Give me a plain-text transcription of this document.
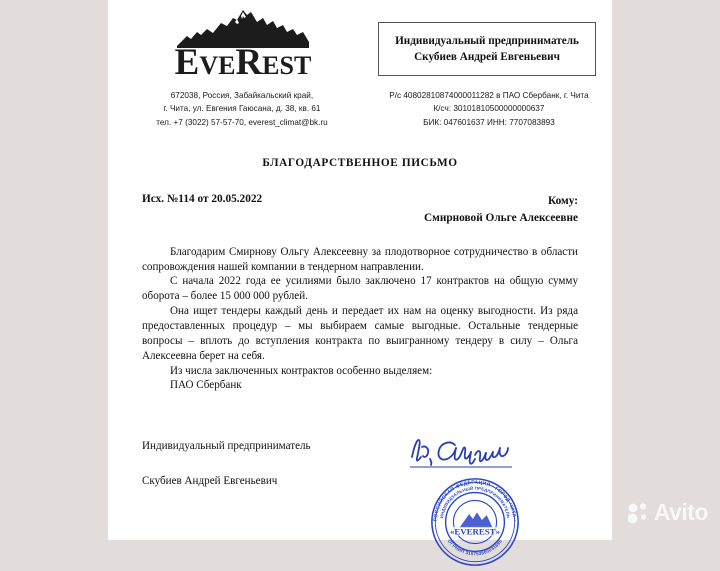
EveRest
Индивидуальный предприниматель
Скубиев Андрей Евгеньевич
672038, Россия, Забайкальский край,
г. Чита, ул. Евгения Гаюсана, д. 38, кв. 61
тел. +7 (3022) 57-57-70, everest_climat@bk.ru
Р/с 40802810874000011282 в ПАО Сбербанк, г. Чита
К/сч: 30101810500000000637
БИК: 047601637 ИНН: 7707083893
БЛАГОДАРСТВЕННОЕ ПИСЬМО
Исх. №114 от 20.05.2022	Кому:
Смирновой Ольге Алексеевне

Благодарим Смирнову Ольгу Алексеевну за плодотворное сотрудничество в области сопровождения нашей компании в тендерном направлении.

С начала 2022 года ее усилиями было заключено 17 контрактов на общую сумму оборота – более 15 000 000 рублей.

Она ищет тендеры каждый день и передает их нам на оценку выгодности. Из ряда предоставленных процедур – мы выбираем самые выгодные. Остальные тендерные вопросы – вплоть до вступления контракта по выигранному тендеру в силу – Ольга Алексеевна берет на себя.

Из числа заключенных контрактов особенно выделяем:

ПАО Сбербанк

Индивидуальный предприниматель
Скубиев Андрей Евгеньевич
РОССИЙСКАЯ ФЕДЕРАЦИЯ • ГОРОД ЧИТА •
ОГРНИП 315753600031695
ИНДИВИДУАЛЬНЫЙ ПРЕДПРИНИМАТЕЛЬ
«EVEREST»
Avito
